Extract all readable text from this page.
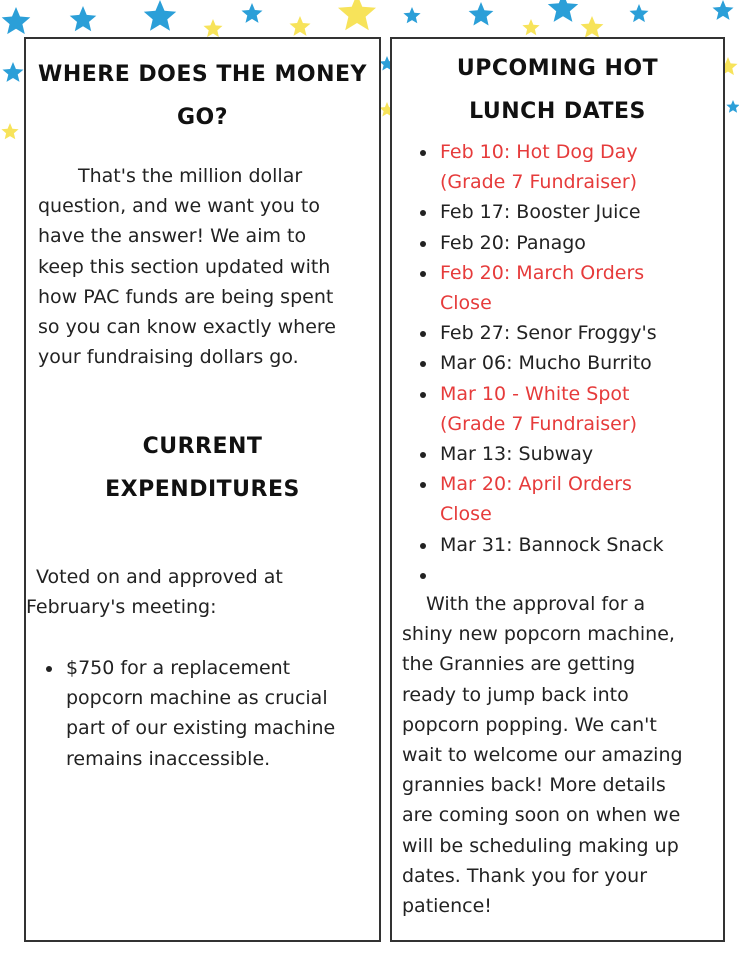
WHERE DOES THE MONEY
GO?
That's the million dollar
question, and we want you to
have the answer! We aim to
keep this section updated with
how PAC funds are being spent
so you can know exactly where
your fundraising dollars go.
CURRENT
EXPENDITURES
Voted on and approved at
February's meeting:
$750 for a replacement
popcorn machine as crucial
part of our existing machine
remains inaccessible.
UPCOMING HOT
LUNCH DATES
Feb 10: Hot Dog Day
(Grade 7 Fundraiser)
Feb 17: Booster Juice
Feb 20: Panago
Feb 20: March Orders
Close
Feb 27: Senor Froggy's
Mar 06: Mucho Burrito
Mar 10 - White Spot
(Grade 7 Fundraiser)
Mar 13: Subway
Mar 20: April Orders
Close
Mar 31: Bannock Snack

With the approval for a
shiny new popcorn machine,
the Grannies are getting
ready to jump back into
popcorn popping. We can't
wait to welcome our amazing
grannies back! More details
are coming soon on when we
will be scheduling making up
dates. Thank you for your
patience!
